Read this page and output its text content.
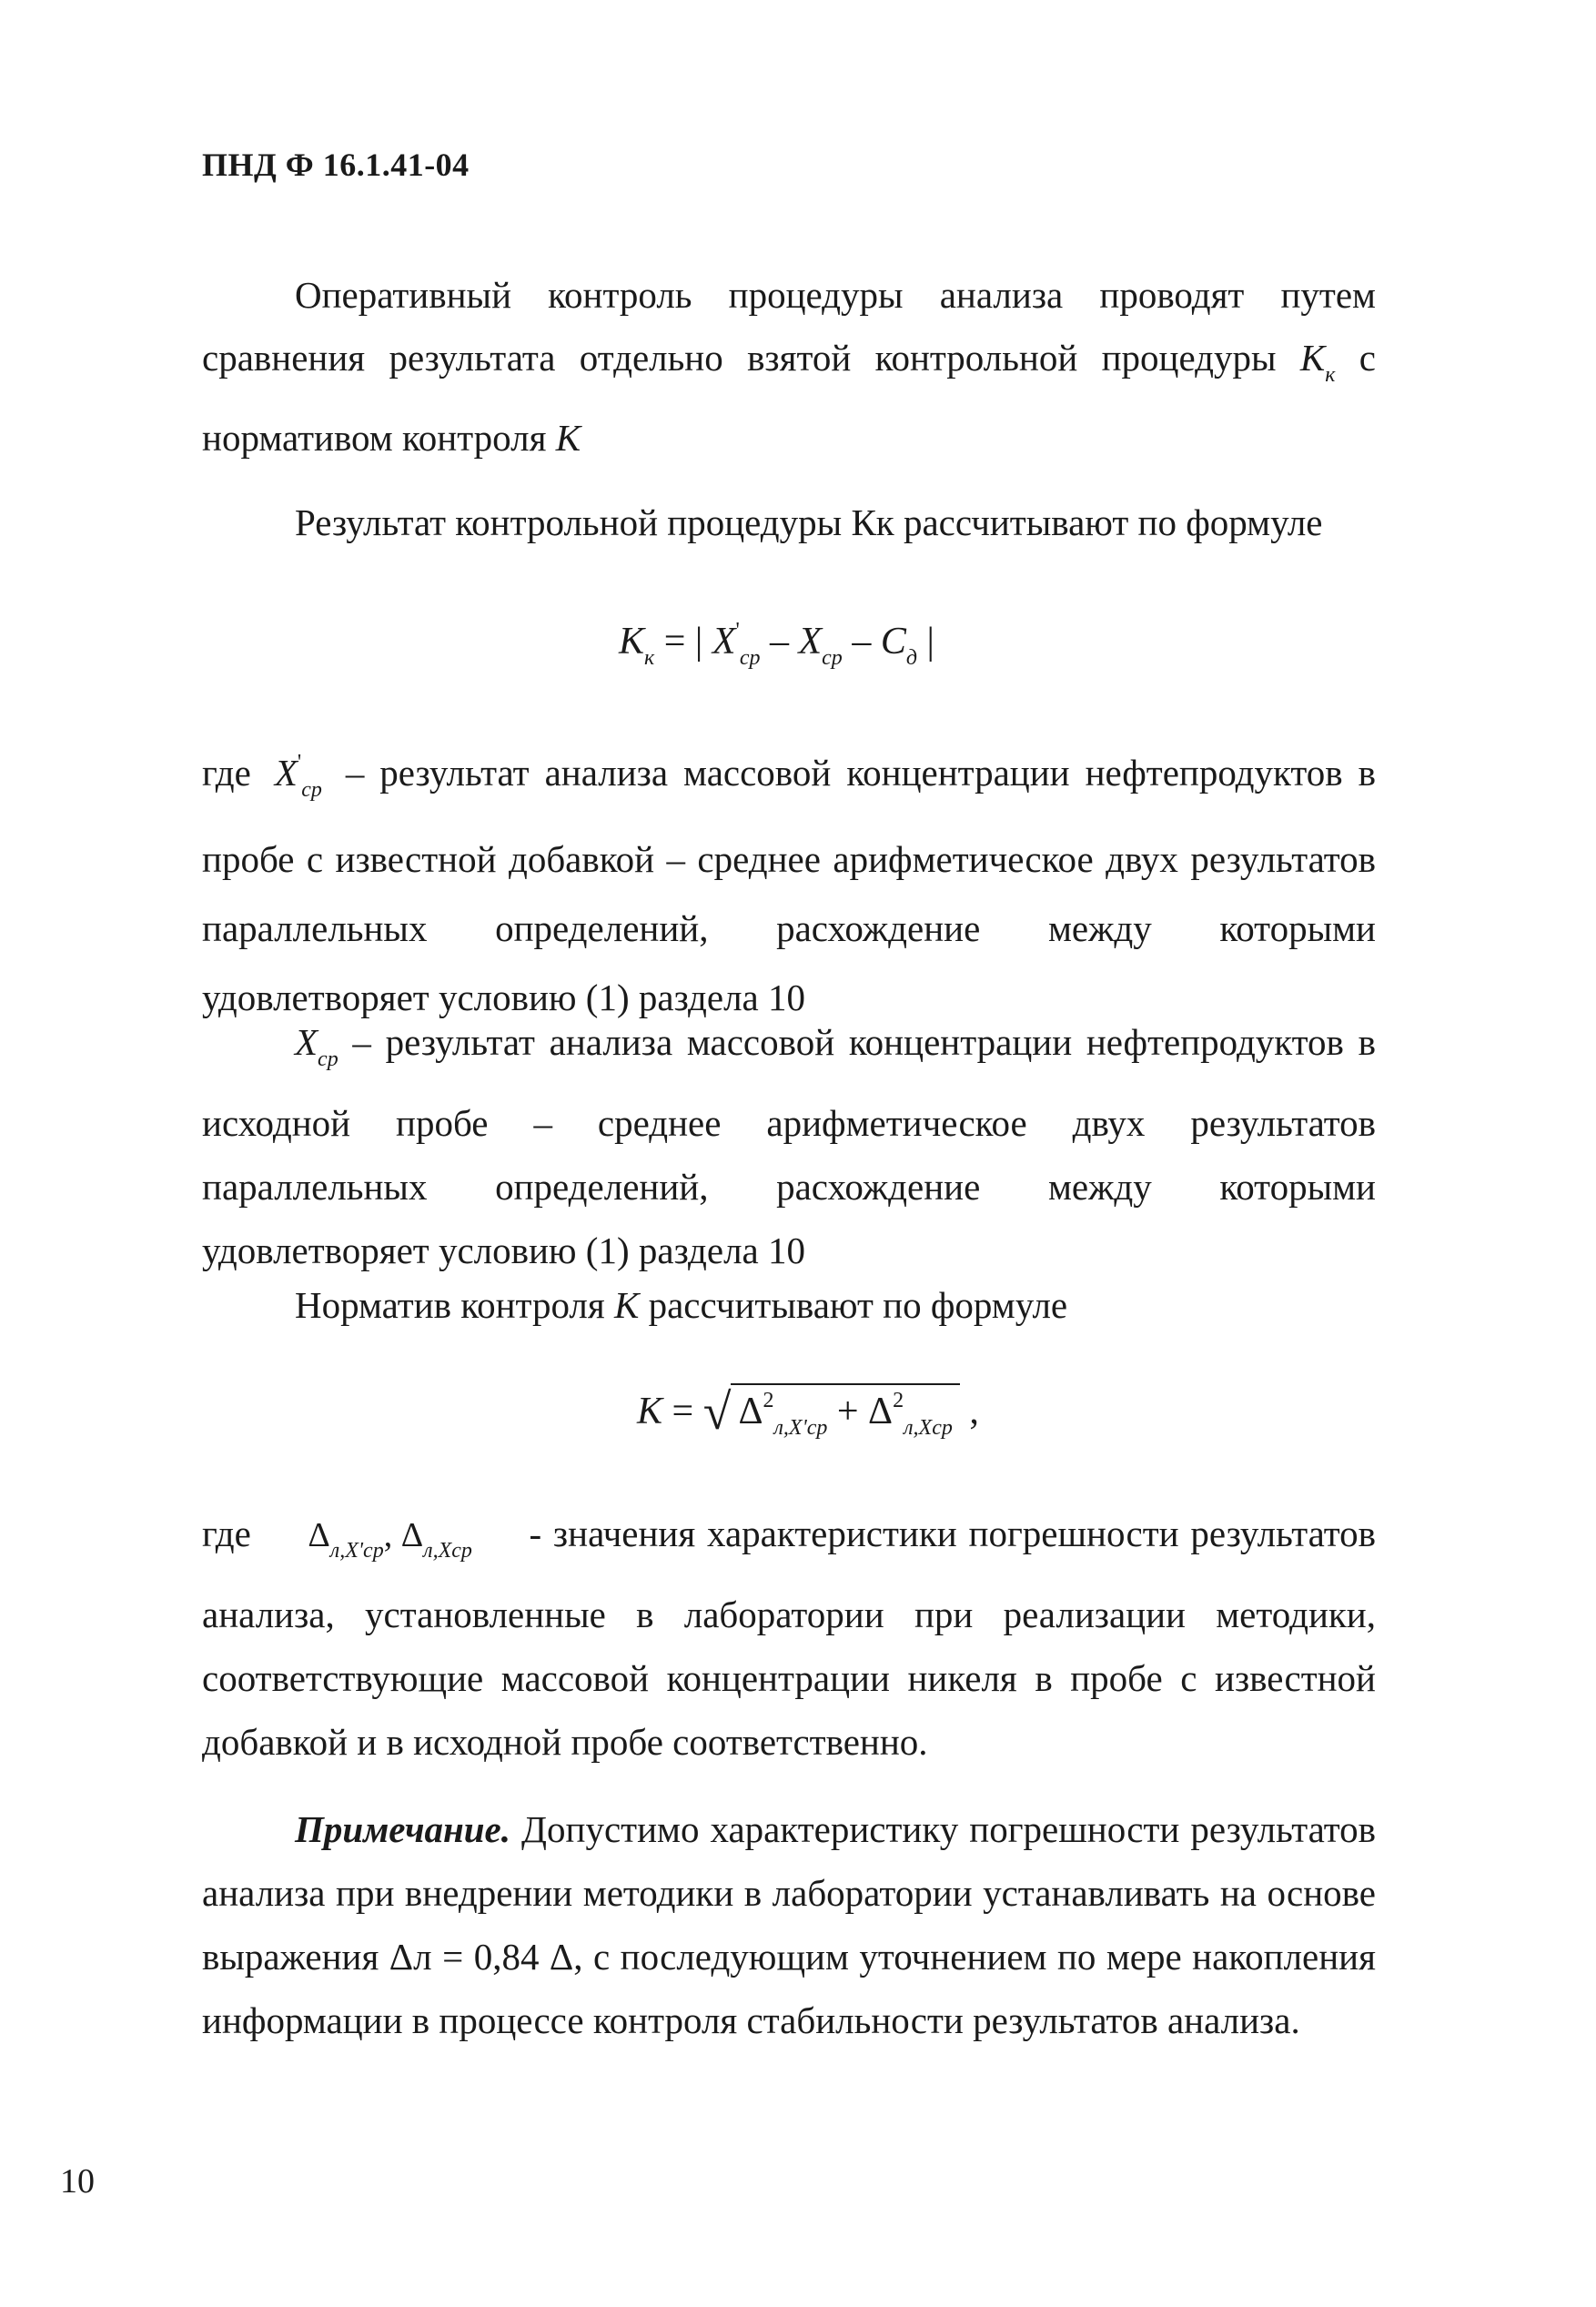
ПНД Ф 16.1.41-04
Оперативный контроль процедуры анализа проводят путем сравнения результата отдельно взятой контрольной процедуры $K_к$ с нормативом контроля K
Результат контрольной процедуры Кк рассчитывают по формуле
$K_к$ = | $X'_{ср} - X_{ср} - C_д$ |
где $X'_{ср}$ – результат анализа массовой концентрации нефтепродуктов в пробе с известной добавкой – среднее арифметическое двух результатов параллельных определений, расхождение между которыми удовлетворяет условию (1) раздела 10
$X_{ср}$ – результат анализа массовой концентрации нефтепродуктов в исходной пробе – среднее арифметическое двух результатов параллельных определений, расхождение между которыми удовлетворяет условию (1) раздела 10
Норматив контроля K рассчитывают по формуле
K = √ $\Delta^2_{л,X'ср} + \Delta^2_{л,Xср}$ ,
где $\Delta_{л,X'ср}$, $\Delta_{л,Xср}$ - значения характеристики погрешности результатов анализа, установленные в лаборатории при реализации методики, соответствующие массовой концентрации никеля в пробе с известной добавкой и в исходной пробе соответственно.
Примечание. Допустимо характеристику погрешности результатов анализа при внедрении методики в лаборатории устанавливать на основе выражения Δл = 0,84 Δ, с последующим уточнением по мере накопления информации в процессе контроля стабильности результатов анализа.
10
